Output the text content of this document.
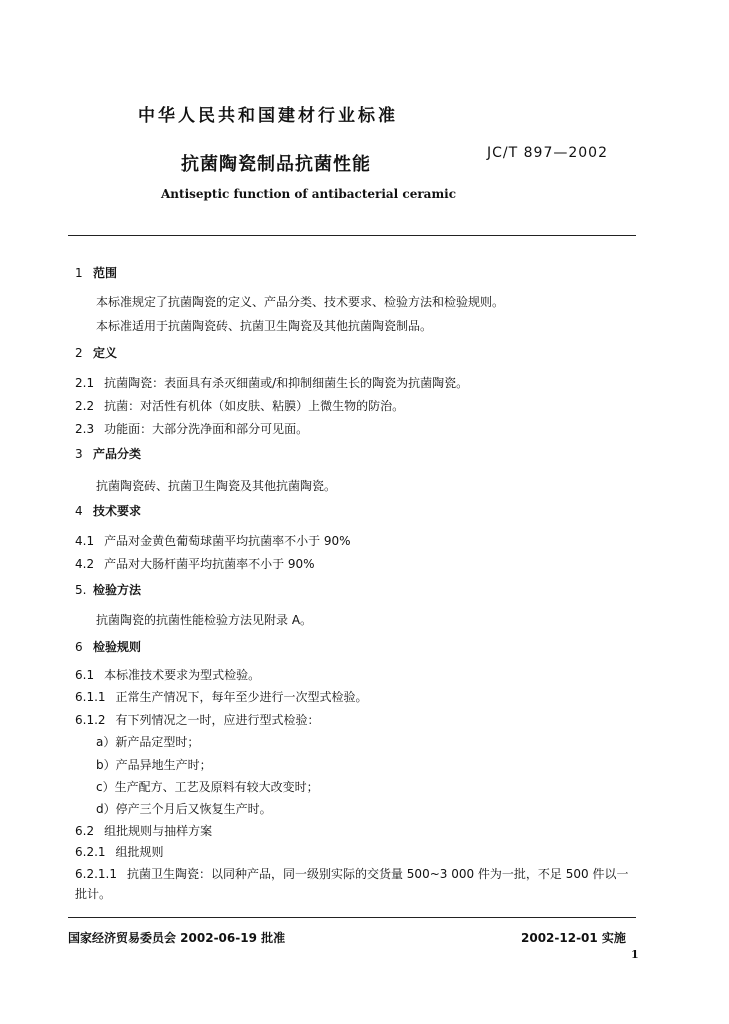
中华人民共和国建材行业标准
JC/T 897—2002
抗菌陶瓷制品抗菌性能
Antiseptic function of antibacterial ceramic
1 范围
本标准规定了抗菌陶瓷的定义、产品分类、技术要求、检验方法和检验规则。
本标准适用于抗菌陶瓷砖、抗菌卫生陶瓷及其他抗菌陶瓷制品。
2 定义
2.1 抗菌陶瓷：表面具有杀灭细菌或/和抑制细菌生长的陶瓷为抗菌陶瓷。
2.2 抗菌：对活性有机体（如皮肤、粘膜）上微生物的防治。
2.3 功能面：大部分洗净面和部分可见面。
3 产品分类
抗菌陶瓷砖、抗菌卫生陶瓷及其他抗菌陶瓷。
4 技术要求
4.1 产品对金黄色葡萄球菌平均抗菌率不小于 90%
4.2 产品对大肠杆菌平均抗菌率不小于 90%
5. 检验方法
抗菌陶瓷的抗菌性能检验方法见附录 A。
6 检验规则
6.1 本标准技术要求为型式检验。
6.1.1 正常生产情况下，每年至少进行一次型式检验。
6.1.2 有下列情况之一时，应进行型式检验：
a）新产品定型时；
b）产品异地生产时；
c）生产配方、工艺及原料有较大改变时；
d）停产三个月后又恢复生产时。
6.2 组批规则与抽样方案
6.2.1 组批规则
6.2.1.1 抗菌卫生陶瓷：以同种产品，同一级别实际的交货量 500~3 000 件为一批，不足 500 件以一
批计。
国家经济贸易委员会 2002-06-19 批准	2002-12-01 实施
1
